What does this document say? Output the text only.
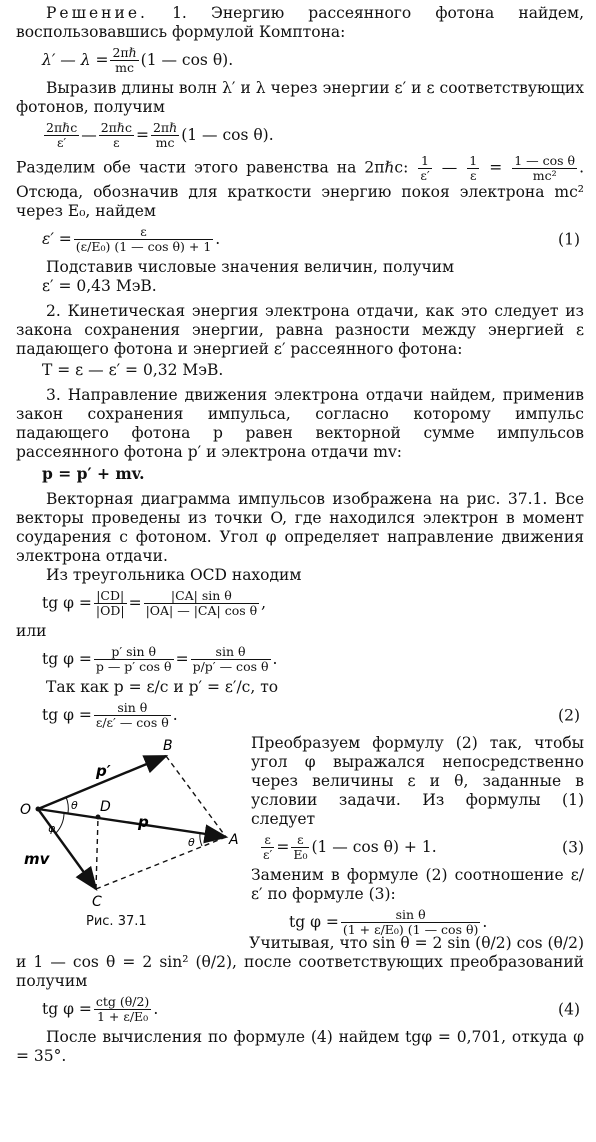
Решение. 1. Энергию рассеянного фотона найдем, воспользовавшись формулой Комптона:

λ′ — $\lambda = \frac{\text{2πℏ}}{mc} (1$ — cos θ).

Выразив длины волн λ′ и λ через энергии ε′ и ε соответствующих фотонов, получим

$\frac{\text{2πℏc}}{\varepsilon'}$ — $\frac{\text{2πℏc}}{\varepsilon} = \frac{\text{2πℏ}}{mc} (1$ — cos θ).

Разделим обе части этого равенства на 2πℏc: $\frac{1}{\varepsilon'}$ — $\frac{1}{\varepsilon} = \frac{\text{1 — cos θ}}{\text{mc²}}$ . Отсюда, обозначив для краткости энергию покоя электрона mc² через E₀, найдем

$\varepsilon' = \frac{\varepsilon}{\text{(ε/E₀) (1 — cos θ) + 1}}$ .	(1)

Подставив числовые значения величин, получим

ε′ = 0,43 МэВ.

2. Кинетическая энергия электрона отдачи, как это следует из закона сохранения энергии, равна разности между энергией ε падающего фотона и энергией ε′ рассеянного фотона:

T = ε — ε′ = 0,32 МэВ.

3. Направление движения электрона отдачи найдем, применив закон сохранения импульса, согласно которому импульс падающего фотона p равен векторной сумме импульсов рассеянного фотона p′ и электрона отдачи mv:

p = p′ + mv.

Векторная диаграмма импульсов изображена на рис. 37.1. Все векторы проведены из точки O, где находился электрон в момент соударения с фотоном. Угол φ определяет направление движения электрона отдачи.

Из треугольника OCD находим

tg $\varphi = \frac{|CD|}{|OD|} = \frac{\text{|CA| sin θ}}{\text{|OA| — |CA| cos θ}}$ ,

или

tg $\varphi = \frac{\text{p′ sin θ}}{\text{p — p′ cos θ}} = \frac{\text{sin θ}}{\text{p/p′ — cos θ}}$ .

Так как p = ε/c и p′ = ε′/c, то

tg $\varphi = \frac{\text{sin θ}}{\text{ε/ε′ — cos θ}}$ .	(2)
O
A
B
C
D
p
p′
mv
θ
φ
θ
Рис. 37.1

Преобразуем формулу (2) так, чтобы угол φ выражался непосредственно через величины ε и θ, заданные в условии задачи. Из формулы (1) следует

$\frac{\varepsilon}{\varepsilon'} = \frac{\varepsilon}{\text{E₀}} (1$ — cos θ) + 1.	(3)

Заменим в формуле (2) соотношение ε/ε′ по формуле (3):

tg $\varphi = \frac{\text{sin θ}}{\text{(1 + ε/E₀) (1 — cos θ)}}$ .

Учитывая, что sin θ = 2 sin (θ/2) cos (θ/2)

и 1 — cos θ = 2 sin² (θ/2), после соответствующих преобразований получим

tg $\varphi = \frac{\text{ctg (θ/2)}}{\text{1 + ε/E₀}}$ .	(4)

После вычисления по формуле (4) найдем tgφ = 0,701, откуда φ = 35°.
